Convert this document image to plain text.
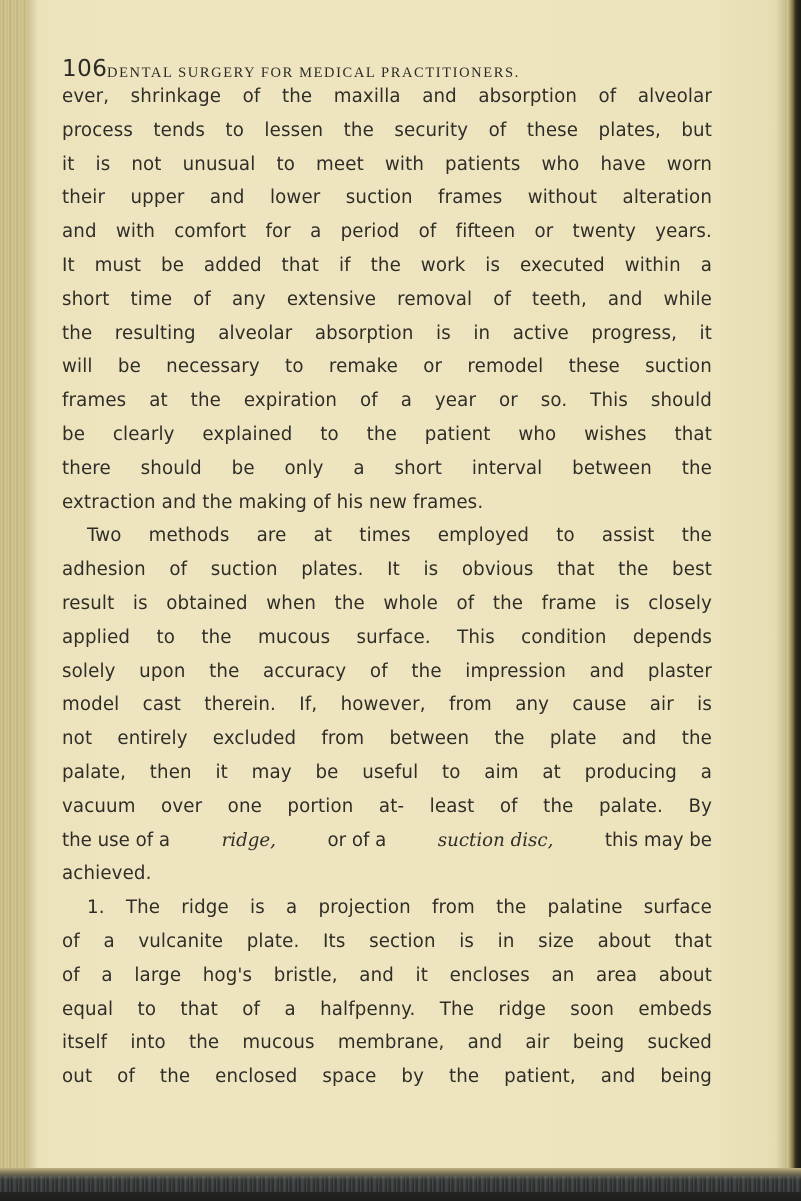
106 DENTAL SURGERY FOR MEDICAL PRACTITIONERS.
ever, shrinkage of the maxilla and absorption of alveolar
process tends to lessen the security of these plates, but
it is not unusual to meet with patients who have worn
their upper and lower suction frames without alteration
and with comfort for a period of fifteen or twenty years.
It must be added that if the work is executed within a
short time of any extensive removal of teeth, and while
the resulting alveolar absorption is in active progress, it
will be necessary to remake or remodel these suction
frames at the expiration of a year or so. This should
be clearly explained to the patient who wishes that
there should be only a short interval between the
extraction and the making of his new frames.
Two methods are at times employed to assist the
adhesion of suction plates. It is obvious that the best
result is obtained when the whole of the frame is closely
applied to the mucous surface. This condition depends
solely upon the accuracy of the impression and plaster
model cast therein. If, however, from any cause air is
not entirely excluded from between the plate and the
palate, then it may be useful to aim at producing a
vacuum over one portion at- least of the palate. By
the use of a	ridge,	or of a	suction disc,	this may be
achieved.
1. The ridge is a projection from the palatine surface
of a vulcanite plate. Its section is in size about that
of a large hog's bristle, and it encloses an area about
equal to that of a halfpenny. The ridge soon embeds
itself into the mucous membrane, and air being sucked
out of the enclosed space by the patient, and being
